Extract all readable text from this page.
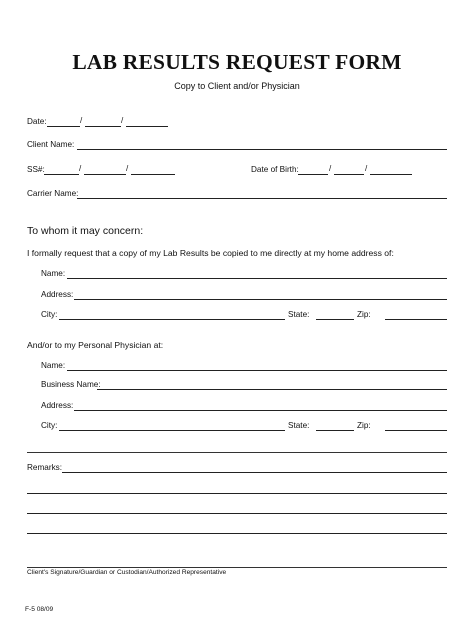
LAB RESULTS REQUEST FORM
Copy to Client and/or Physician
Date:	/	/
Client Name:
SS#:	/	/	Date of Birth:	/	/
Carrier Name:
To whom it may concern:
I formally request that a copy of my Lab Results be copied to me directly at my home address of:
Name:
Address:
City:	State:	Zip:
And/or to my Personal Physician at:
Name:
Business Name:
Address:
City:	State:	Zip:
Remarks:
Client's Signature/Guardian or Custodian/Authorized Representative
F-5 08/09
